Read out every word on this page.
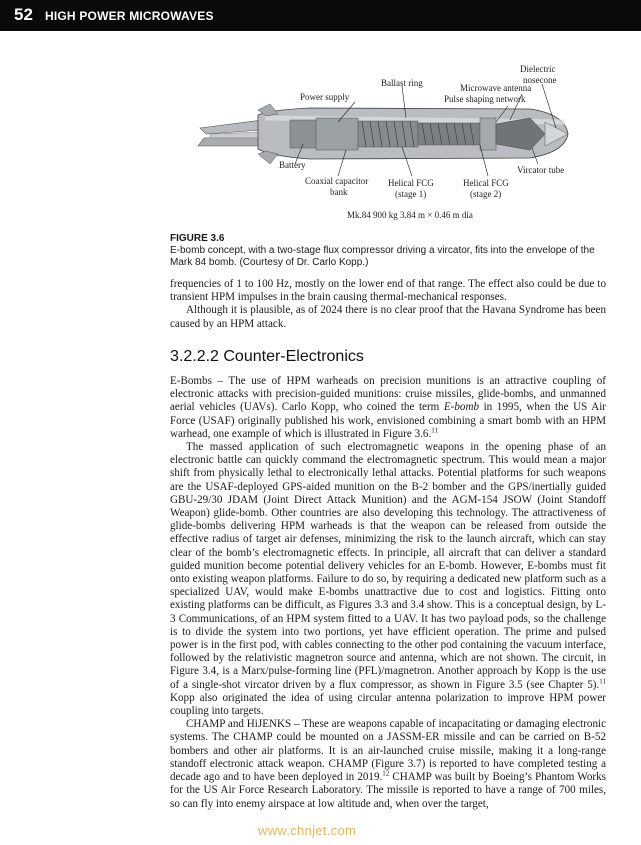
52 HIGH POWER MICROWAVES
Dielectric
nosecone
Ballast ring	Microwave antenna
Power supply	Pulse shaping network
Battery	Vircator tube
Coaxial capacitor
bank
Helical FCG
(stage 1)
Helical FCG
(stage 2)
Mk.84 900 kg 3.84 m × 0.46 m dia
FIGURE 3.6
E-bomb concept, with a two-stage flux compressor driving a vircator, fits into the envelope of the Mark 84 bomb. (Courtesy of Dr. Carlo Kopp.)

frequencies of 1 to 100 Hz, mostly on the lower end of that range. The effect also could be due to transient HPM impulses in the brain causing thermal-mechanical responses.

Although it is plausible, as of 2024 there is no clear proof that the Havana Syndrome has been caused by an HPM attack.

3.2.2.2 Counter-Electronics

E-Bombs – The use of HPM warheads on precision munitions is an attractive coupling of electronic attacks with precision-guided munitions: cruise missiles, glide-bombs, and unmanned aerial vehicles (UAVs). Carlo Kopp, who coined the term E-bomb in 1995, when the US Air Force (USAF) originally published his work, envisioned combining a smart bomb with an HPM warhead, one example of which is illustrated in Figure 3.6.11

The massed application of such electromagnetic weapons in the opening phase of an electronic battle can quickly command the electromagnetic spectrum. This would mean a major shift from physically lethal to electronically lethal attacks. Potential platforms for such weapons are the USAF-deployed GPS-aided munition on the B-2 bomber and the GPS/inertially guided GBU-29/30 JDAM (Joint Direct Attack Munition) and the AGM-154 JSOW (Joint Standoff Weapon) glide-bomb. Other countries are also developing this technology. The attractiveness of glide-bombs delivering HPM warheads is that the weapon can be released from outside the effective radius of target air defenses, minimizing the risk to the launch aircraft, which can stay clear of the bomb’s electromagnetic effects. In principle, all aircraft that can deliver a standard guided munition become potential delivery vehicles for an E-bomb. However, E-bombs must fit onto existing weapon platforms. Failure to do so, by requiring a dedicated new platform such as a specialized UAV, would make E-bombs unattractive due to cost and logistics. Fitting onto existing platforms can be difficult, as Figures 3.3 and 3.4 show. This is a conceptual design, by L-3 Communications, of an HPM system fitted to a UAV. It has two payload pods, so the challenge is to divide the system into two portions, yet have efficient operation. The prime and pulsed power is in the first pod, with cables connecting to the other pod containing the vacuum interface, followed by the relativistic magnetron source and antenna, which are not shown. The circuit, in Figure 3.4, is a Marx/pulse-forming line (PFL)/magnetron. Another approach by Kopp is the use of a single-shot vircator driven by a flux compressor, as shown in Figure 3.5 (see Chapter 5).$^{11}$ Kopp also originated the idea of using circular antenna polarization to improve HPM power coupling into targets.

CHAMP and HiJENKS – These are weapons capable of incapacitating or damaging electronic systems. The CHAMP could be mounted on a JASSM-ER missile and can be carried on B-52 bombers and other air platforms. It is an air-launched cruise missile, making it a long-range standoff electronic attack weapon. CHAMP (Figure 3.7) is reported to have completed testing a decade ago and to have been deployed in 2019.12 CHAMP was built by Boeing’s Phantom Works for the US Air Force Research Laboratory. The missile is reported to have a range of 700 miles, so can fly into enemy airspace at low altitude and, when over the target,

www.chnjet.com
